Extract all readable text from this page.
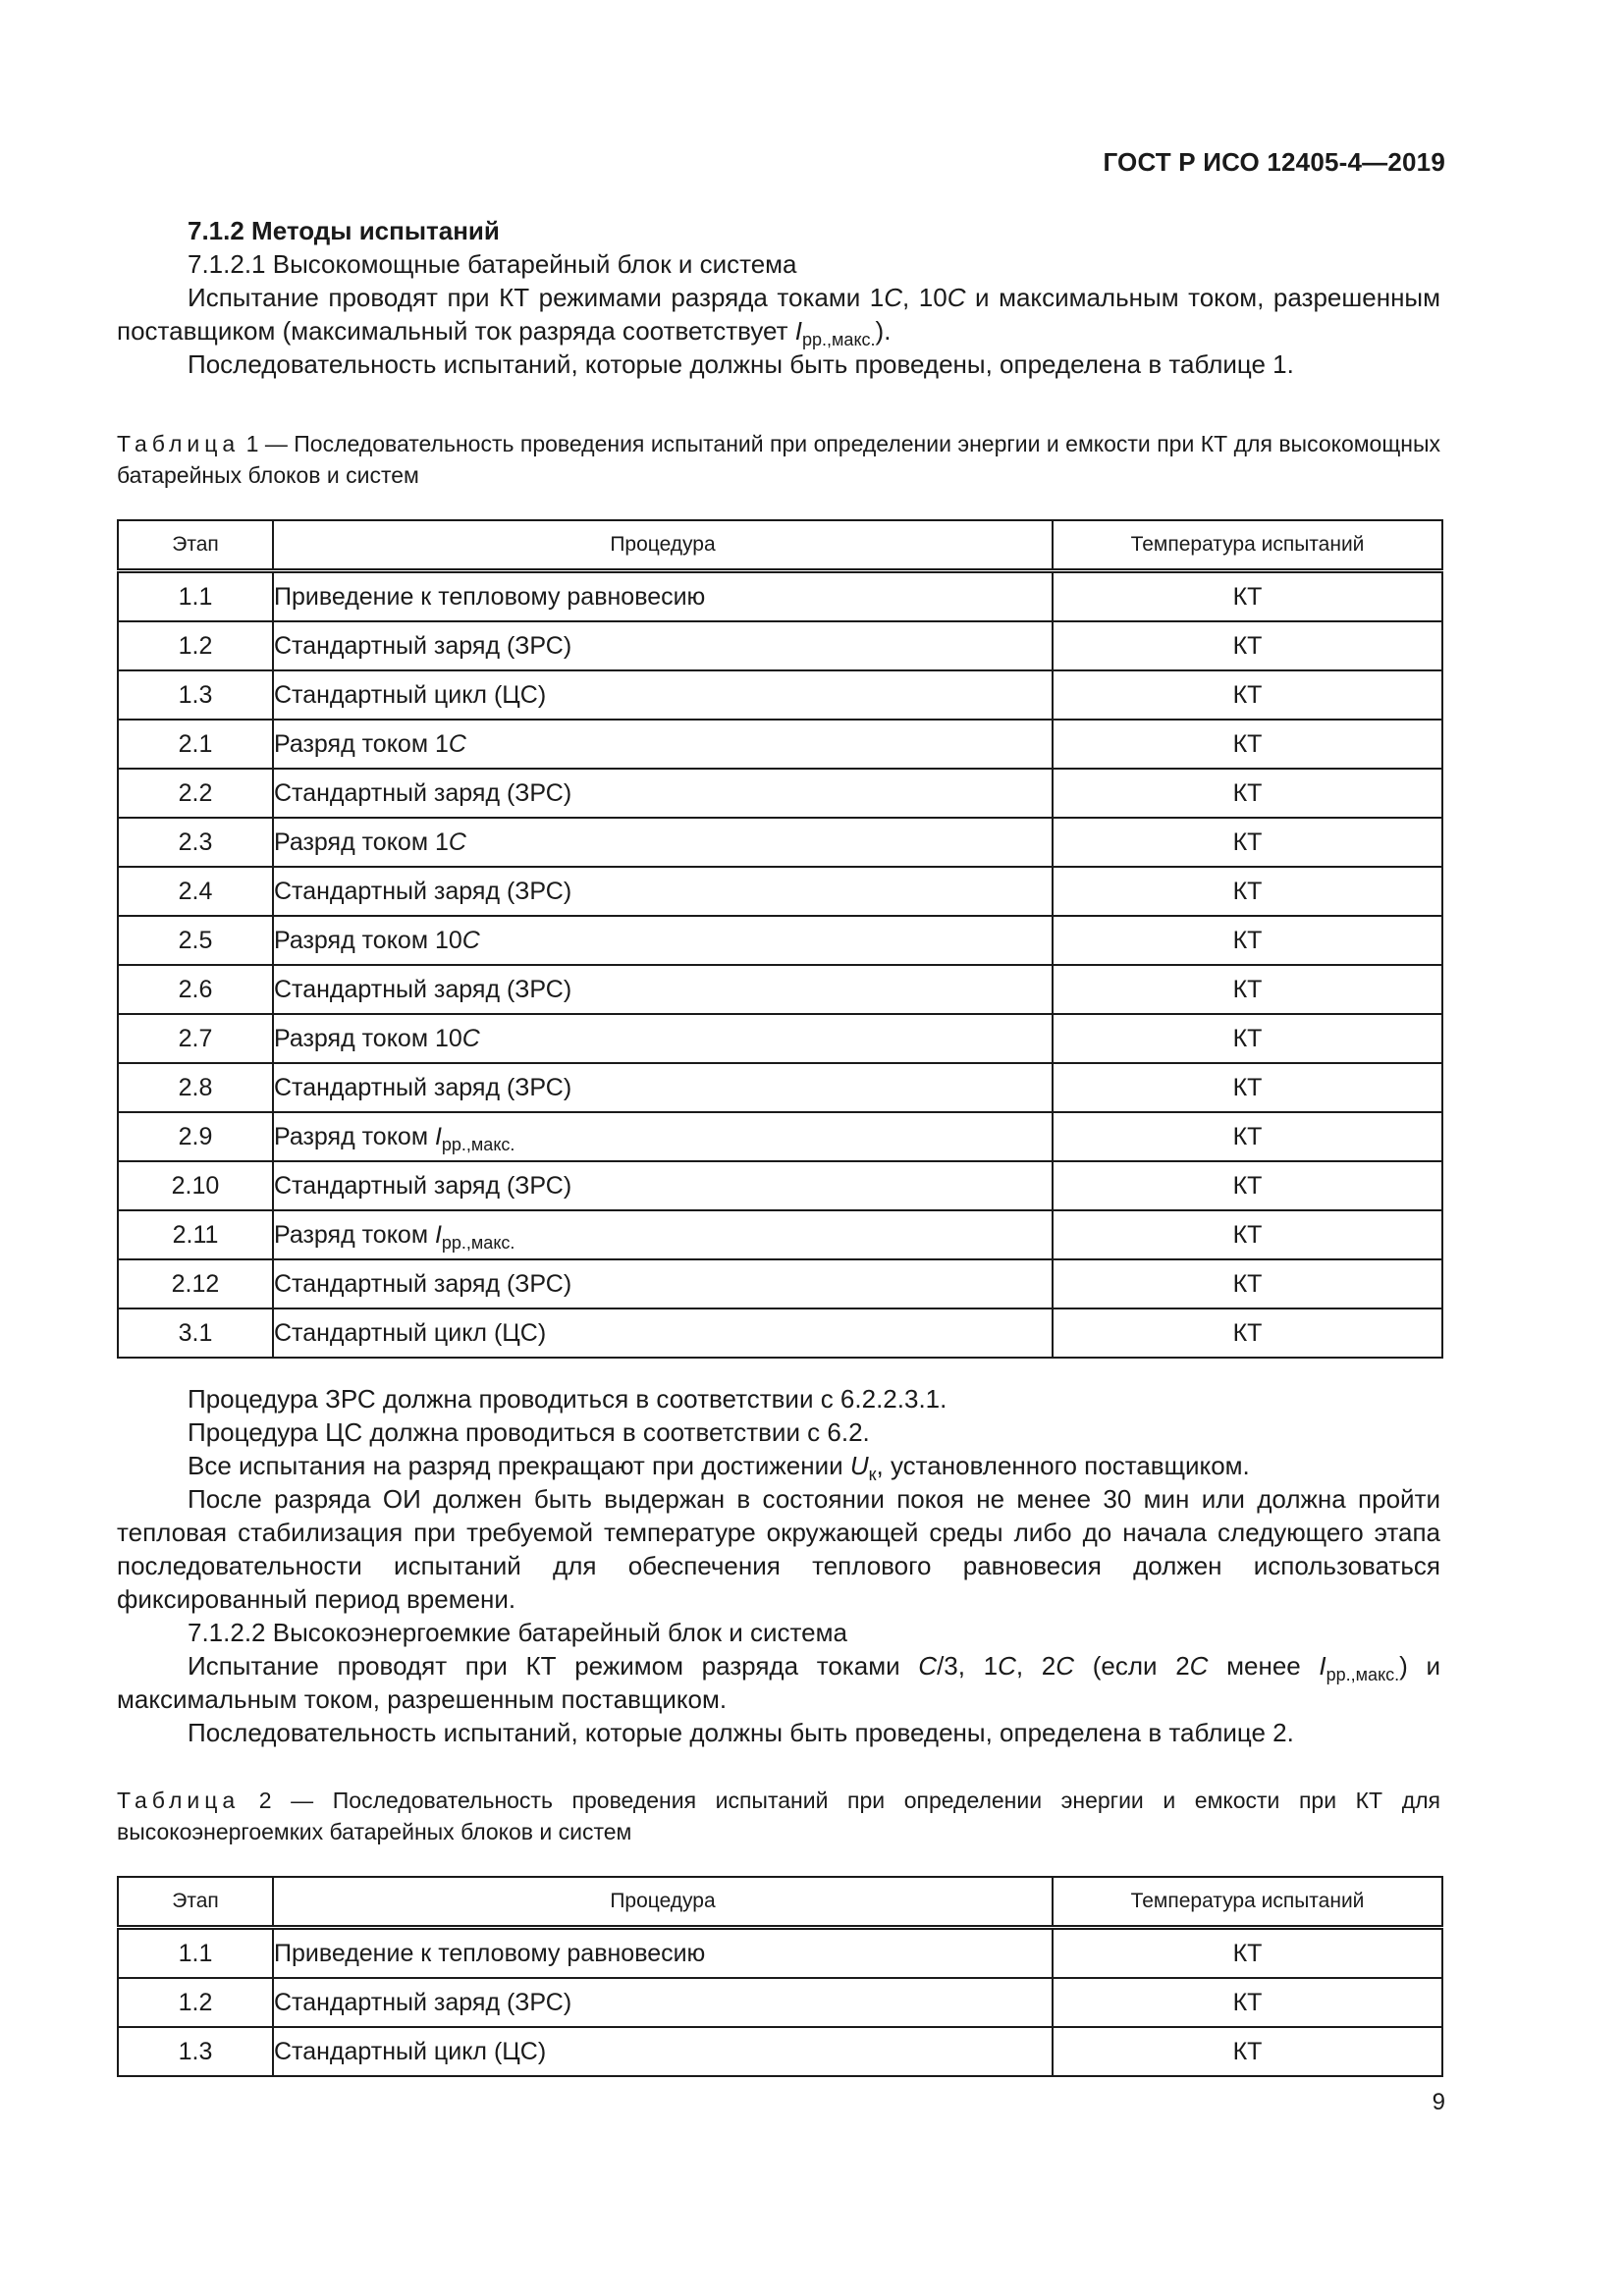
ГОСТ Р ИСО 12405-4—2019

7.1.2 Методы испытаний

7.1.2.1 Высокомощные батарейный блок и система

Испытание проводят при КТ режимами разряда токами 1C, 10C и максимальным током, разрешенным поставщиком (максимальный ток разряда соответствует $I_{pp.,макс.}$).

Последовательность испытаний, которые должны быть проведены, определена в таблице 1.

Таблица 1 — Последовательность проведения испытаний при определении энергии и емкости при КТ для высокомощных батарейных блоков и систем
Этап	Процедура	Температура испытаний
1.1	Приведение к тепловому равновесию	КТ
1.2	Стандартный заряд (ЗРС)	КТ
1.3	Стандартный цикл (ЦС)	КТ
2.1	Разряд током 1C	КТ
2.2	Стандартный заряд (ЗРС)	КТ
2.3	Разряд током 1C	КТ
2.4	Стандартный заряд (ЗРС)	КТ
2.5	Разряд током 10C	КТ
2.6	Стандартный заряд (ЗРС)	КТ
2.7	Разряд током 10C	КТ
2.8	Стандартный заряд (ЗРС)	КТ
2.9	Разряд током $I_{pp.,макс.}$	КТ
2.10	Стандартный заряд (ЗРС)	КТ
2.11	Разряд током $I_{pp.,макс.}$	КТ
2.12	Стандартный заряд (ЗРС)	КТ
3.1	Стандартный цикл (ЦС)	КТ

Процедура ЗРС должна проводиться в соответствии с 6.2.2.3.1.

Процедура ЦС должна проводиться в соответствии с 6.2.

Все испытания на разряд прекращают при достижении $U_к$, установленного поставщиком.

После разряда ОИ должен быть выдержан в состоянии покоя не менее 30 мин или должна пройти тепловая стабилизация при требуемой температуре окружающей среды либо до начала следующего этапа последовательности испытаний для обеспечения теплового равновесия должен использоваться фиксированный период времени.

7.1.2.2 Высокоэнергоемкие батарейный блок и система

Испытание проводят при КТ режимом разряда токами C/3, 1C, 2C (если 2C менее $I_{pp.,макс.}$) и максимальным током, разрешенным поставщиком.

Последовательность испытаний, которые должны быть проведены, определена в таблице 2.

Таблица 2 — Последовательность проведения испытаний при определении энергии и емкости при КТ для высокоэнергоемких батарейных блоков и систем
Этап	Процедура	Температура испытаний
1.1	Приведение к тепловому равновесию	КТ
1.2	Стандартный заряд (ЗРС)	КТ
1.3	Стандартный цикл (ЦС)	КТ
9
